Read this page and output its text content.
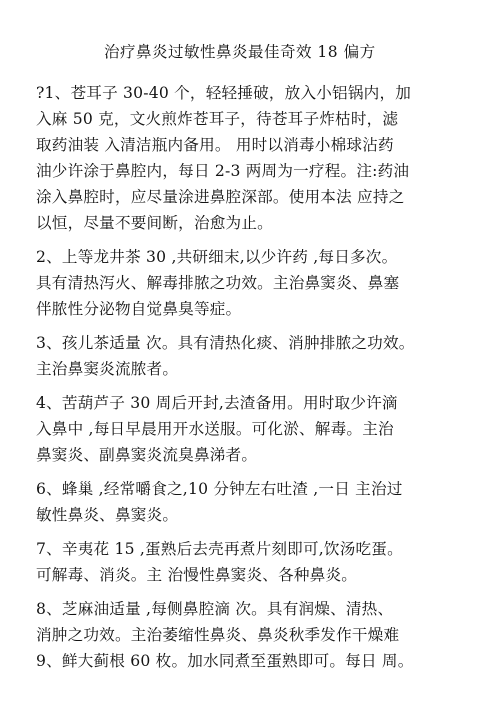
治疗鼻炎过敏性鼻炎最佳奇效 18 偏方
?1、苍耳子 30-40 个，轻轻捶破，放入小铝锅内，加
入麻 50 克，文火煎炸苍耳子，待苍耳子炸枯时，滤
取药油装 入清洁瓶内备用。 用时以消毒小棉球沾药
油少许涂于鼻腔内，每日 2-3 两周为一疗程。注:药油
涂入鼻腔时，应尽量涂进鼻腔深部。使用本法 应持之
以恒，尽量不要间断，治愈为止。
2、上等龙井茶 30 ,共研细末,以少许药 ,每日多次。
具有清热泻火、解毒排脓之功效。主治鼻窦炎、鼻塞
伴脓性分泌物自觉鼻臭等症。
3、孩儿茶适量 次。具有清热化痰、消肿排脓之功效。
主治鼻窦炎流脓者。
4、苦葫芦子 30 周后开封,去渣备用。用时取少许滴
入鼻中 ,每日早晨用开水送服。可化淤、解毒。主治
鼻窦炎、副鼻窦炎流臭鼻涕者。
6、蜂巢 ,经常嚼食之,10 分钟左右吐渣 ,一日 主治过
敏性鼻炎、鼻窦炎。
7、辛夷花 15 ,蛋熟后去壳再煮片刻即可,饮汤吃蛋。
可解毒、消炎。主 治慢性鼻窦炎、各种鼻炎。
8、芝麻油适量 ,每侧鼻腔滴 次。具有润燥、清热、
消肿之功效。主治萎缩性鼻炎、鼻炎秋季发作干燥难
9、鲜大蓟根 60 枚。加水同煮至蛋熟即可。每日 周。
